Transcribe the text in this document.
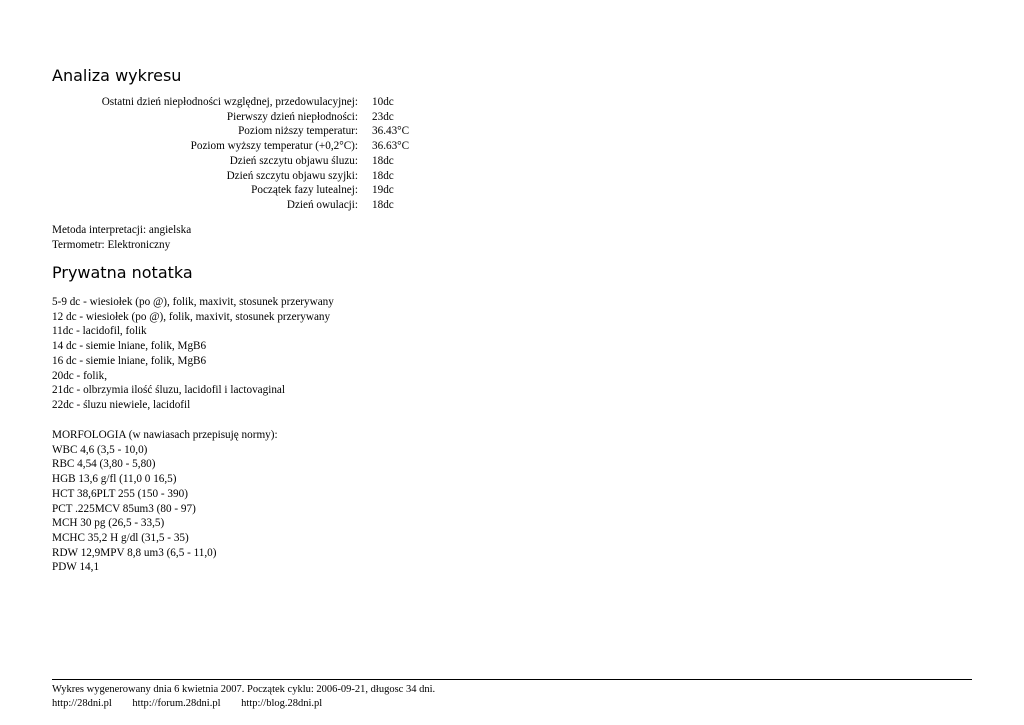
Analiza wykresu
Ostatni dzień niepłodności względnej, przedowulacyjnej:	10dc
Pierwszy dzień niepłodności:	23dc
Poziom niższy temperatur:	36.43°C
Poziom wyższy temperatur (+0,2°C):	36.63°C
Dzień szczytu objawu śluzu:	18dc
Dzień szczytu objawu szyjki:	18dc
Początek fazy lutealnej:	19dc
Dzień owulacji:	18dc
Metoda interpretacji: angielska
Termometr: Elektroniczny
Prywatna notatka
5-9 dc - wiesiołek (po @), folik, maxivit, stosunek przerywany
12 dc - wiesiołek (po @), folik, maxivit, stosunek przerywany
11dc - lacidofil, folik
14 dc - siemie lniane, folik, MgB6
16 dc - siemie lniane, folik, MgB6
20dc - folik,
21dc - olbrzymia ilość śluzu, lacidofil i lactovaginal
22dc - śluzu niewiele, lacidofil
MORFOLOGIA (w nawiasach przepisuję normy):
WBC 4,6 (3,5 - 10,0)
RBC 4,54 (3,80 - 5,80)
HGB 13,6 g/fl (11,0 0 16,5)
HCT 38,6PLT 255 (150 - 390)
PCT .225MCV 85um3 (80 - 97)
MCH 30 pg (26,5 - 33,5)
MCHC 35,2 H g/dl (31,5 - 35)
RDW 12,9MPV 8,8 um3 (6,5 - 11,0)
PDW 14,1
Wykres wygenerowany dnia 6 kwietnia 2007. Początek cyklu: 2006-09-21, długosc 34 dni.
http://28dni.pl http://forum.28dni.pl http://blog.28dni.pl
